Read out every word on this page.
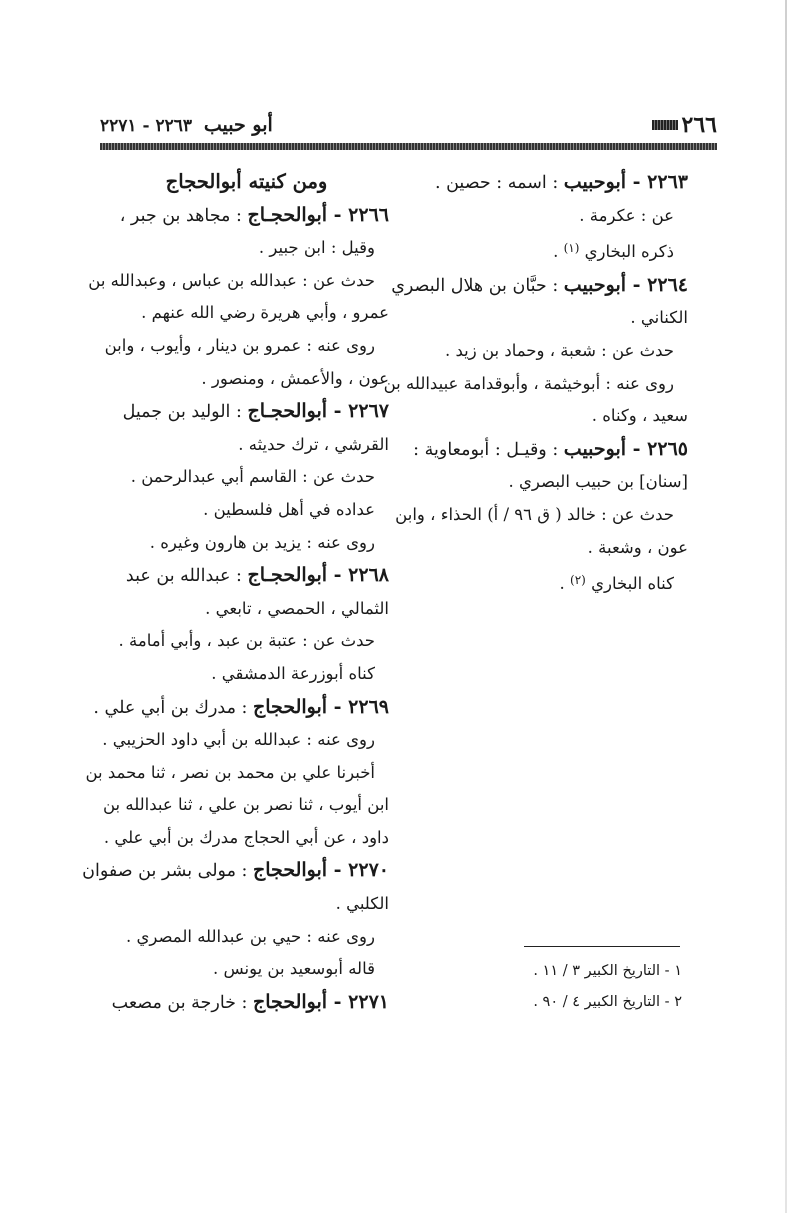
٢٦٦
أبو حبيب ٢٢٦٣ - ٢٢٧١
٢٢٦٣ - أبوحبيب : اسمه : حصين .
عن : عكرمة .
ذكره البخاري $^{(١)}$ .
٢٢٦٤ - أبوحبيب : حبَّان بن هلال البصري
الكناني .
حدث عن : شعبة ، وحماد بن زيد .
روى عنه : أبوخيثمة ، وأبوقدامة عبيدالله بن
سعيد ، وكناه .
٢٢٦٥ - أبوحبيب : وقيـل : أبومعاوية :
[سنان] بن حبيب البصري .
حدث عن : خالد ( ق ٩٦ / أ) الحذاء ، وابن
عون ، وشعبة .
كناه البخاري $^{(٢)}$ .
ومن كنيته أبوالحجاج
٢٢٦٦ - أبوالحجـاج : مجاهد بن جبر ،
وقيل : ابن جبير .
حدث عن : عبدالله بن عباس ، وعبدالله بن
عمرو ، وأبي هريرة رضي الله عنهم .
روى عنه : عمرو بن دينار ، وأيوب ، وابن
عون ، والأعمش ، ومنصور .
٢٢٦٧ - أبوالحجـاج : الوليد بن جميل
القرشي ، ترك حديثه .
حدث عن : القاسم أبي عبدالرحمن .
عداده في أهل فلسطين .
روى عنه : يزيد بن هارون وغيره .
٢٢٦٨ - أبوالحجـاج : عبدالله بن عبد
الثمالي ، الحمصي ، تابعي .
حدث عن : عتبة بن عبد ، وأبي أمامة .
كناه أبوزرعة الدمشقي .
٢٢٦٩ - أبوالحجاج : مدرك بن أبي علي .
روى عنه : عبدالله بن أبي داود الحزيبي .
أخبرنا علي بن محمد بن نصر ، ثنا محمد بن
ابن أيوب ، ثنا نصر بن علي ، ثنا عبدالله بن
داود ، عن أبي الحجاج مدرك بن أبي علي .
٢٢٧٠ - أبوالحجاج : مولى بشر بن صفوان
الكلبي .
روى عنه : حيي بن عبدالله المصري .
قاله أبوسعيد بن يونس .
٢٢٧١ - أبوالحجاج : خارجة بن مصعب
١ - التاريخ الكبير ٣ / ١١ .
٢ - التاريخ الكبير ٤ / ٩٠ .
